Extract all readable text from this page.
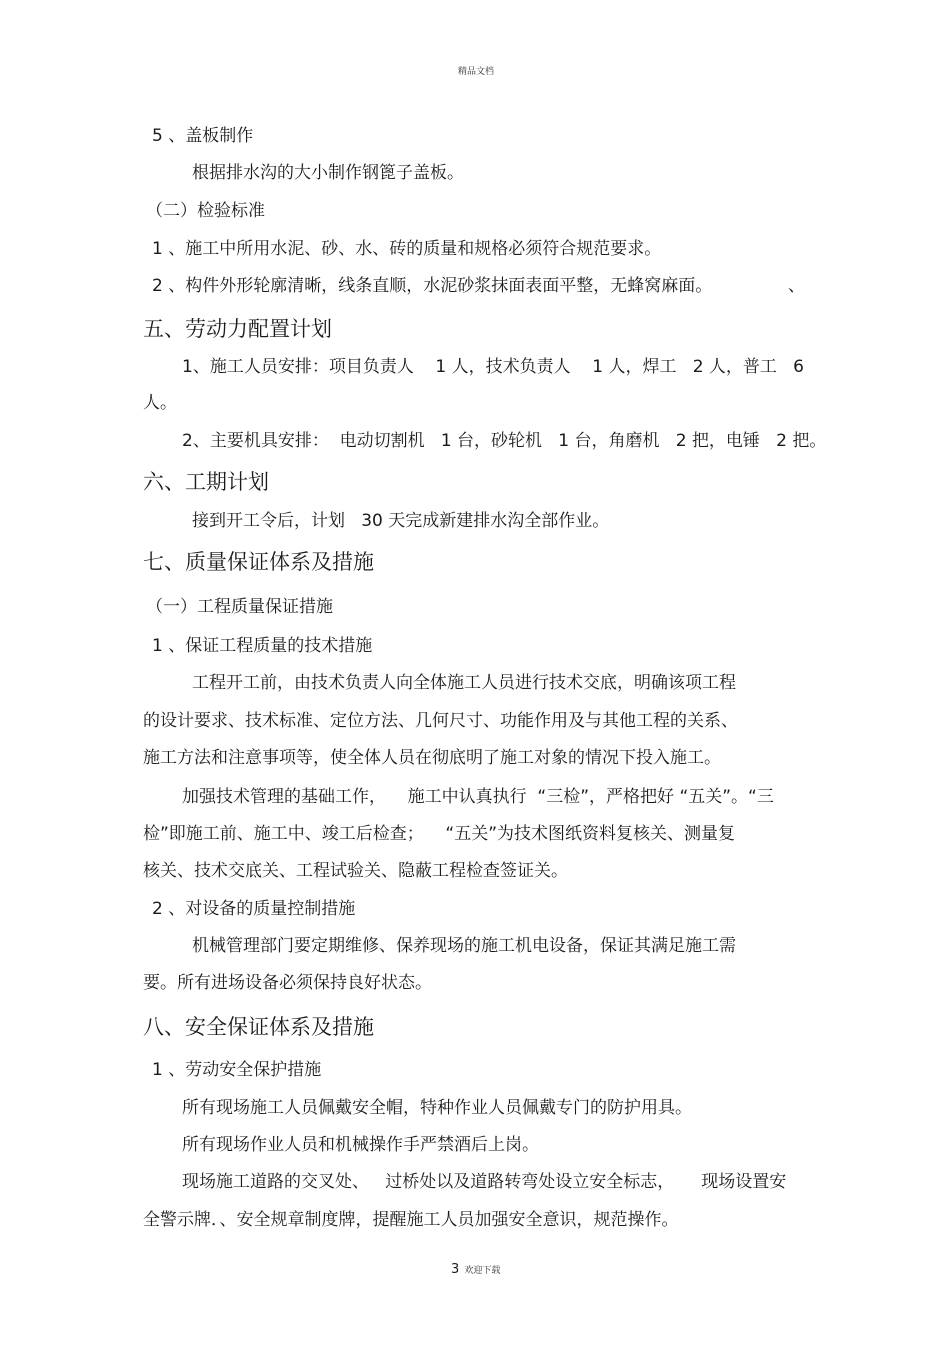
精品文档
5 、盖板制作
根据排水沟的大小制作钢篦子盖板。
（二）检验标准
1 、施工中所用水泥、砂、水、砖的质量和规格必须符合规范要求。
2 、构件外形轮廓清晰，线条直顺，水泥砂浆抹面表面平整，无蜂窝麻面。	、
五、劳动力配置计划
1、施工人员安排：项目负责人    1 人，技术负责人    1 人，焊工   2 人，普工   6
人。
2、主要机具安排：  电动切割机   1 台，砂轮机   1 台，角磨机   2 把，电锤   2 把。
六、工期计划
接到开工令后，计划   30 天完成新建排水沟全部作业。
七、质量保证体系及措施
（一）工程质量保证措施
1 、保证工程质量的技术措施
工程开工前，由技术负责人向全体施工人员进行技术交底，明确该项工程
的设计要求、技术标准、定位方法、几何尺寸、功能作用及与其他工程的关系、
施工方法和注意事项等，使全体人员在彻底明了施工对象的情况下投入施工。
加强技术管理的基础工作，    施工中认真执行  “三检”，严格把好 “五关”。“三
检”即施工前、施工中、竣工后检查；    “五关”为技术图纸资料复核关、测量复
核关、技术交底关、工程试验关、隐蔽工程检查签证关。
2 、对设备的质量控制措施
机械管理部门要定期维修、保养现场的施工机电设备，保证其满足施工需
要。所有进场设备必须保持良好状态。
八、安全保证体系及措施
1 、劳动安全保护措施
所有现场施工人员佩戴安全帽，特种作业人员佩戴专门的防护用具。
所有现场作业人员和机械操作手严禁酒后上岗。
现场施工道路的交叉处、   过桥处以及道路转弯处设立安全标志，     现场设置安
全警示牌．、安全规章制度牌，提醒施工人员加强安全意识，规范操作。
3 欢迎下载
